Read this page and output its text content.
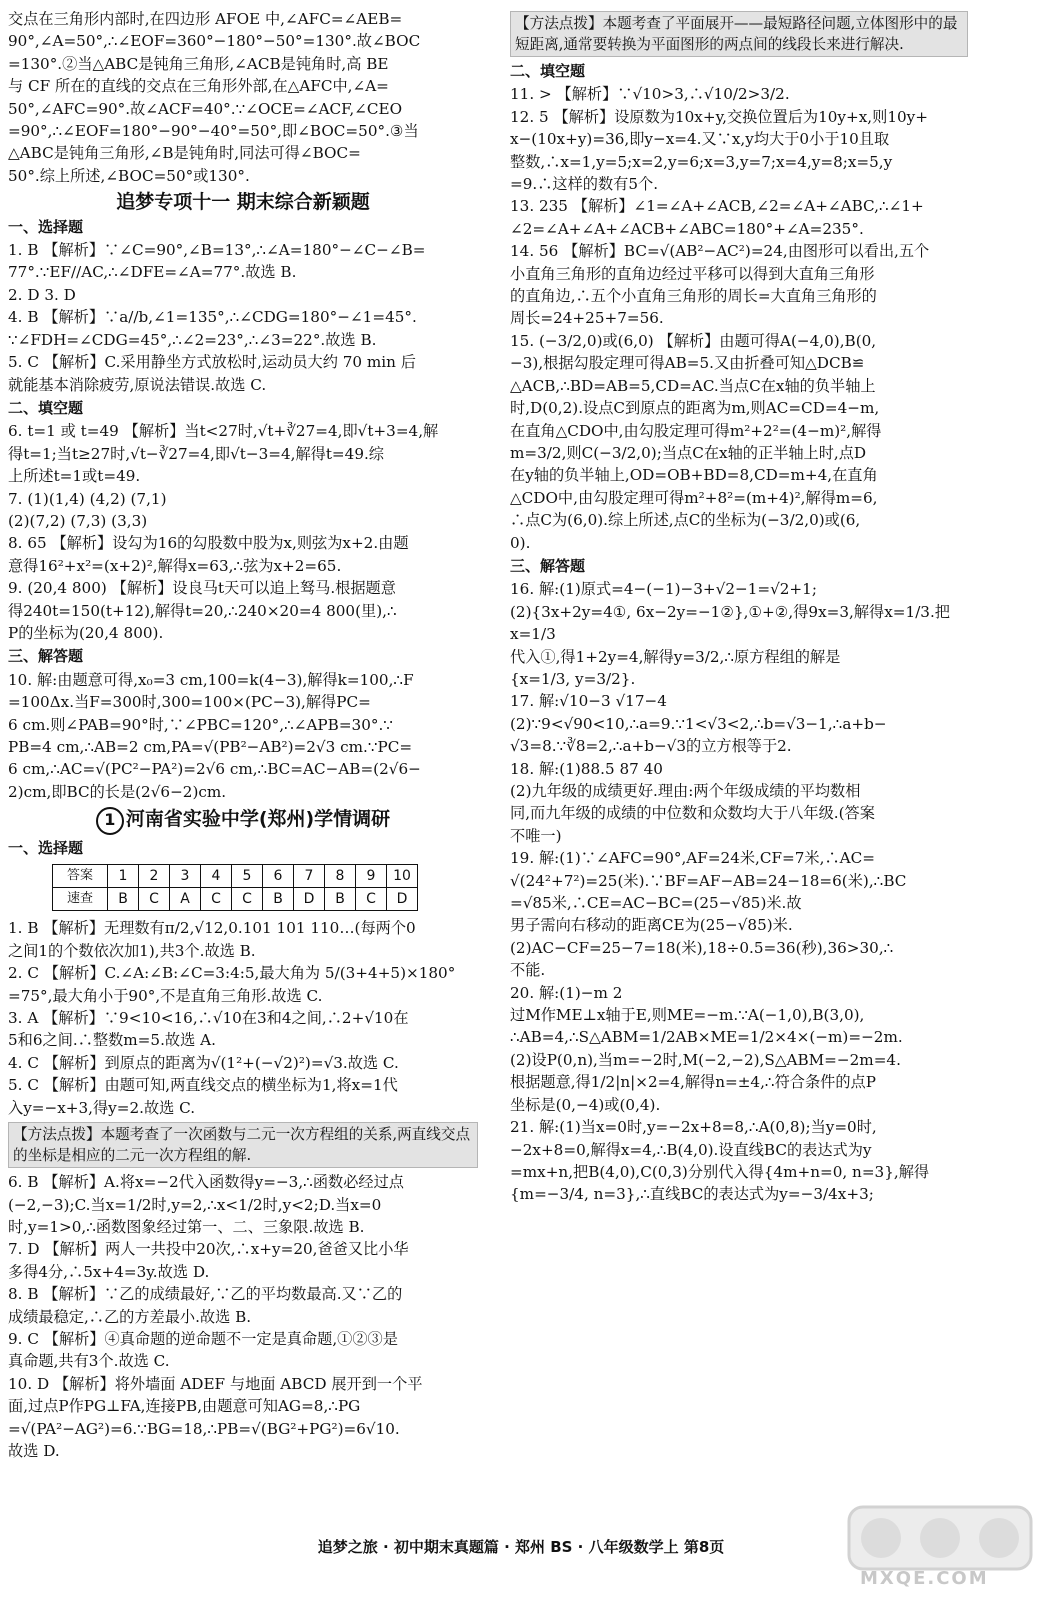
交点在三角形内部时,在四边形 AFOE 中,∠AFC=∠AEB=

90°,∠A=50°,∴∠EOF=360°−180°−50°=130°.故∠BOC

=130°.②当△ABC是钝角三角形,∠ACB是钝角时,高 BE

与 CF 所在的直线的交点在三角形外部,在△AFC中,∠A=

50°,∠AFC=90°.故∠ACF=40°.∵∠OCE=∠ACF,∠CEO

=90°,∴∠EOF=180°−90°−40°=50°,即∠BOC=50°.③当

△ABC是钝角三角形,∠B是钝角时,同法可得∠BOC=

50°.综上所述,∠BOC=50°或130°.

追梦专项十一 期末综合新颖题
一、选择题

1. B 【解析】∵∠C=90°,∠B=13°,∴∠A=180°−∠C−∠B=

77°.∵EF//AC,∴∠DFE=∠A=77°.故选 B.

2. D 3. D

4. B 【解析】∵a//b,∠1=135°,∴∠CDG=180°−∠1=45°.

∵∠FDH=∠CDG=45°,∴∠2=23°,∴∠3=22°.故选 B.

5. C 【解析】C.采用静坐方式放松时,运动员大约 70 min 后

就能基本消除疲劳,原说法错误.故选 C.

二、填空题

6. t=1 或 t=49 【解析】当t<27时,√t+∛27=4,即√t+3=4,解

得t=1;当t≥27时,√t−∛27=4,即√t−3=4,解得t=49.综

上所述t=1或t=49.

7. (1)(1,4) (4,2) (7,1)

(2)(7,2) (7,3) (3,3)

8. 65 【解析】设勾为16的勾股数中股为x,则弦为x+2.由题

意得16²+x²=(x+2)²,解得x=63,∴弦为x+2=65.

9. (20,4 800) 【解析】设良马t天可以追上驽马.根据题意

得240t=150(t+12),解得t=20,∴240×20=4 800(里),∴

P的坐标为(20,4 800).

三、解答题

10. 解:由题意可得,x₀=3 cm,100=k(4−3),解得k=100,∴F

=100Δx.当F=300时,300=100×(PC−3),解得PC=

6 cm.则∠PAB=90°时,∵∠PBC=120°,∴∠APB=30°.∵

PB=4 cm,∴AB=2 cm,PA=√(PB²−AB²)=2√3 cm.∵PC=

6 cm,∴AC=√(PC²−PA²)=2√6 cm,∴BC=AC−AB=(2√6−

2)cm,即BC的长是(2√6−2)cm.

1 河南省实验中学(郑州)学情调研
一、选择题
答案	1	2	3	4	5	6	7	8	9	10
速查	B	C	A	C	C	B	D	B	C	D

1. B 【解析】无理数有π/2,√12,0.101 101 110…(每两个0

之间1的个数依次加1),共3个.故选 B.

2. C 【解析】C.∠A:∠B:∠C=3:4:5,最大角为 5/(3+4+5)×180°

=75°,最大角小于90°,不是直角三角形.故选 C.

3. A 【解析】∵9<10<16,∴√10在3和4之间,∴2+√10在

5和6之间.∴整数m=5.故选 A.

4. C 【解析】到原点的距离为√(1²+(−√2)²)=√3.故选 C.

5. C 【解析】由题可知,两直线交点的横坐标为1,将x=1代

入y=−x+3,得y=2.故选 C.

【方法点拨】本题考查了一次函数与二元一次方程组的关系,两直线交点的坐标是相应的二元一次方程组的解.

6. B 【解析】A.将x=−2代入函数得y=−3,∴函数必经过点

(−2,−3);C.当x=1/2时,y=2,∴x<1/2时,y<2;D.当x=0

时,y=1>0,∴函数图象经过第一、二、三象限.故选 B.

7. D 【解析】两人一共投中20次,∴x+y=20,爸爸又比小华

多得4分,∴5x+4=3y.故选 D.

8. B 【解析】∵乙的成绩最好,∵乙的平均数最高.又∵乙的

成绩最稳定,∴乙的方差最小.故选 B.

9. C 【解析】④真命题的逆命题不一定是真命题,①②③是

真命题,共有3个.故选 C.

10. D 【解析】将外墙面 ADEF 与地面 ABCD 展开到一个平

面,过点P作PG⊥FA,连接PB,由题意可知AG=8,∴PG

=√(PA²−AG²)=6.∵BG=18,∴PB=√(BG²+PG²)=6√10.

故选 D.

【方法点拨】本题考查了平面展开——最短路径问题,立体图形中的最短距离,通常要转换为平面图形的两点间的线段长来进行解决.
二、填空题

11. > 【解析】∵√10>3,∴√10/2>3/2.

12. 5 【解析】设原数为10x+y,交换位置后为10y+x,则10y+

x−(10x+y)=36,即y−x=4.又∵x,y均大于0小于10且取

整数,∴x=1,y=5;x=2,y=6;x=3,y=7;x=4,y=8;x=5,y

=9.∴这样的数有5个.

13. 235 【解析】∠1=∠A+∠ACB,∠2=∠A+∠ABC,∴∠1+

∠2=∠A+∠A+∠ACB+∠ABC=180°+∠A=235°.

14. 56 【解析】BC=√(AB²−AC²)=24,由图形可以看出,五个

小直角三角形的直角边经过平移可以得到大直角三角形

的直角边,∴五个小直角三角形的周长=大直角三角形的

周长=24+25+7=56.

15. (−3/2,0)或(6,0) 【解析】由题可得A(−4,0),B(0,

−3),根据勾股定理可得AB=5.又由折叠可知△DCB≌

△ACB,∴BD=AB=5,CD=AC.当点C在x轴的负半轴上

时,D(0,2).设点C到原点的距离为m,则AC=CD=4−m,

在直角△CDO中,由勾股定理可得m²+2²=(4−m)²,解得

m=3/2,则C(−3/2,0);当点C在x轴的正半轴上时,点D

在y轴的负半轴上,OD=OB+BD=8,CD=m+4,在直角

△CDO中,由勾股定理可得m²+8²=(m+4)²,解得m=6,

∴点C为(6,0).综上所述,点C的坐标为(−3/2,0)或(6,

0).

三、解答题

16. 解:(1)原式=4−(−1)−3+√2−1=√2+1;

(2){3x+2y=4①, 6x−2y=−1②},①+②,得9x=3,解得x=1/3.把x=1/3

代入①,得1+2y=4,解得y=3/2,∴原方程组的解是

{x=1/3, y=3/2}.

17. 解:√10−3 √17−4

(2)∵9<√90<10,∴a=9.∵1<√3<2,∴b=√3−1,∴a+b−

√3=8.∵∛8=2,∴a+b−√3的立方根等于2.

18. 解:(1)88.5 87 40

(2)九年级的成绩更好.理由:两个年级成绩的平均数相

同,而九年级的成绩的中位数和众数均大于八年级.(答案

不唯一)

19. 解:(1)∵∠AFC=90°,AF=24米,CF=7米,∴AC=

√(24²+7²)=25(米).∵BF=AF−AB=24−18=6(米),∴BC

=√85米,∴CE=AC−BC=(25−√85)米.故

男子需向右移动的距离CE为(25−√85)米.

(2)AC−CF=25−7=18(米),18÷0.5=36(秒),36>30,∴

不能.

20. 解:(1)−m 2

过M作ME⊥x轴于E,则ME=−m.∵A(−1,0),B(3,0),

∴AB=4,∴S△ABM=1/2AB×ME=1/2×4×(−m)=−2m.

(2)设P(0,n),当m=−2时,M(−2,−2),S△ABM=−2m=4.

根据题意,得1/2|n|×2=4,解得n=±4,∴符合条件的点P

坐标是(0,−4)或(0,4).

21. 解:(1)当x=0时,y=−2x+8=8,∴A(0,8);当y=0时,

−2x+8=0,解得x=4,∴B(4,0).设直线BC的表达式为y

=mx+n,把B(4,0),C(0,3)分别代入得{4m+n=0, n=3},解得

{m=−3/4, n=3},∴直线BC的表达式为y=−3/4x+3;

追梦之旅 · 初中期末真题篇 · 郑州 BS · 八年级数学上 第8页
MXQE.COM
